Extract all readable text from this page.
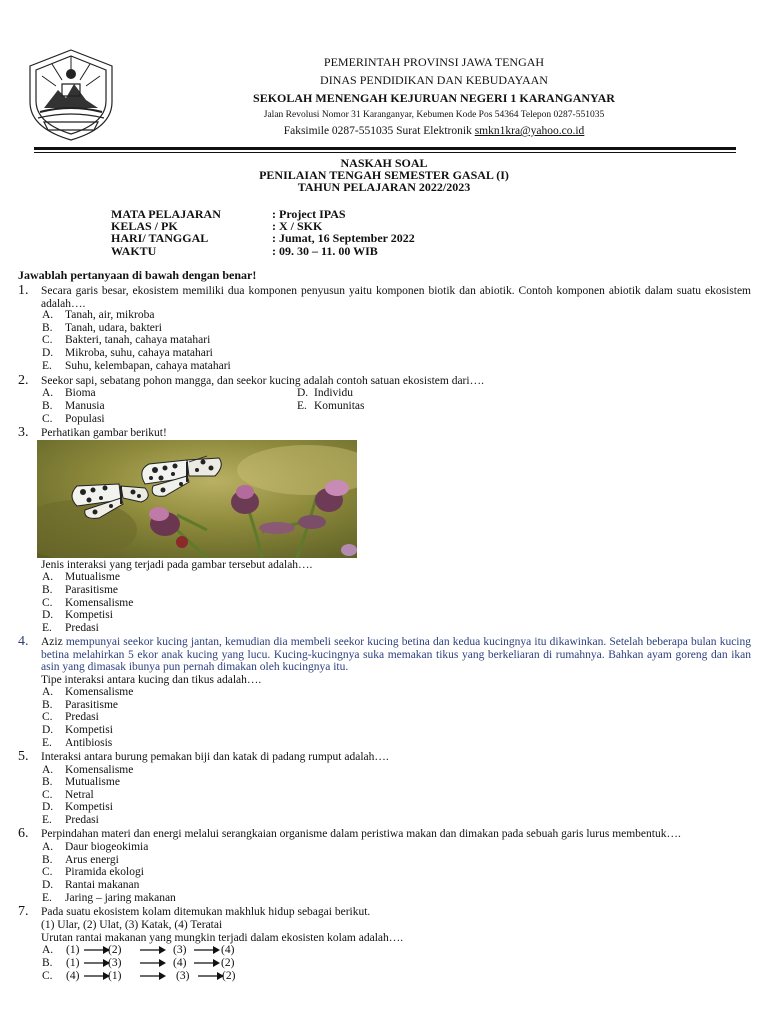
PEMERINTAH PROVINSI JAWA TENGAH
DINAS PENDIDIKAN DAN KEBUDAYAAN
SEKOLAH MENENGAH KEJURUAN NEGERI 1 KARANGANYAR
Jalan Revolusi Nomor 31 Karanganyar, Kebumen Kode Pos 54364 Telepon 0287-551035
Faksimile 0287-551035 Surat Elektronik smkn1kra@yahoo.co.id
NASKAH SOAL
PENILAIAN TENGAH SEMESTER GASAL (I)
TAHUN PELAJARAN 2022/2023
MATA PELAJARAN	: Project IPAS
KELAS / PK	: X / SKK
HARI/ TANGGAL	: Jumat, 16 September 2022
WAKTU	: 09. 30 – 11. 00 WIB
Jawablah pertanyaan di bawah dengan benar!
1. Secara garis besar, ekosistem memiliki dua komponen penyusun yaitu komponen biotik dan abiotik. Contoh komponen abiotik dalam suatu ekosistem adalah….
A. Tanah, air, mikroba
B. Tanah, udara, bakteri
C. Bakteri, tanah, cahaya matahari
D. Mikroba, suhu, cahaya matahari
E. Suhu, kelembapan, cahaya matahari
2. Seekor sapi, sebatang pohon mangga, dan seekor kucing adalah contoh satuan ekosistem dari….
A. Bioma
B. Manusia
C. Populasi
D. Individu
E. Komunitas
3. Perhatikan gambar berikut!
Jenis interaksi yang terjadi pada gambar tersebut adalah….
A. Mutualisme
B. Parasitisme
C. Komensalisme
D. Kompetisi
E. Predasi
4. Aziz mempunyai seekor kucing jantan, kemudian dia membeli seekor kucing betina dan kedua kucingnya itu dikawinkan. Setelah beberapa bulan kucing betina melahirkan 5 ekor anak kucing yang lucu. Kucing-kucingnya suka memakan tikus yang berkeliaran di rumahnya. Bahkan ayam goreng dan ikan asin yang dimasak ibunya pun pernah dimakan oleh kucingnya itu.
Tipe interaksi antara kucing dan tikus adalah….
A. Komensalisme
B. Parasitisme
C. Predasi
D. Kompetisi
E. Antibiosis
5. Interaksi antara burung pemakan biji dan katak di padang rumput adalah….
A. Komensalisme
B. Mutualisme
C. Netral
D. Kompetisi
E. Predasi
6. Perpindahan materi dan energi melalui serangkaian organisme dalam peristiwa makan dan dimakan pada sebuah garis lurus membentuk….
A. Daur biogeokimia
B. Arus energi
C. Piramida ekologi
D. Rantai makanan
E. Jaring – jaring makanan
7. Pada suatu ekosistem kolam ditemukan makhluk hidup sebagai berikut.
(1) Ular, (2) Ulat, (3) Katak, (4) Teratai
Urutan rantai makanan yang mungkin terjadi dalam ekosisten kolam adalah….
A. (1) (2)	(3)	(4)
B. (1) (3)	(4)	(2)
C. (4) (1)	(3)	(2)
